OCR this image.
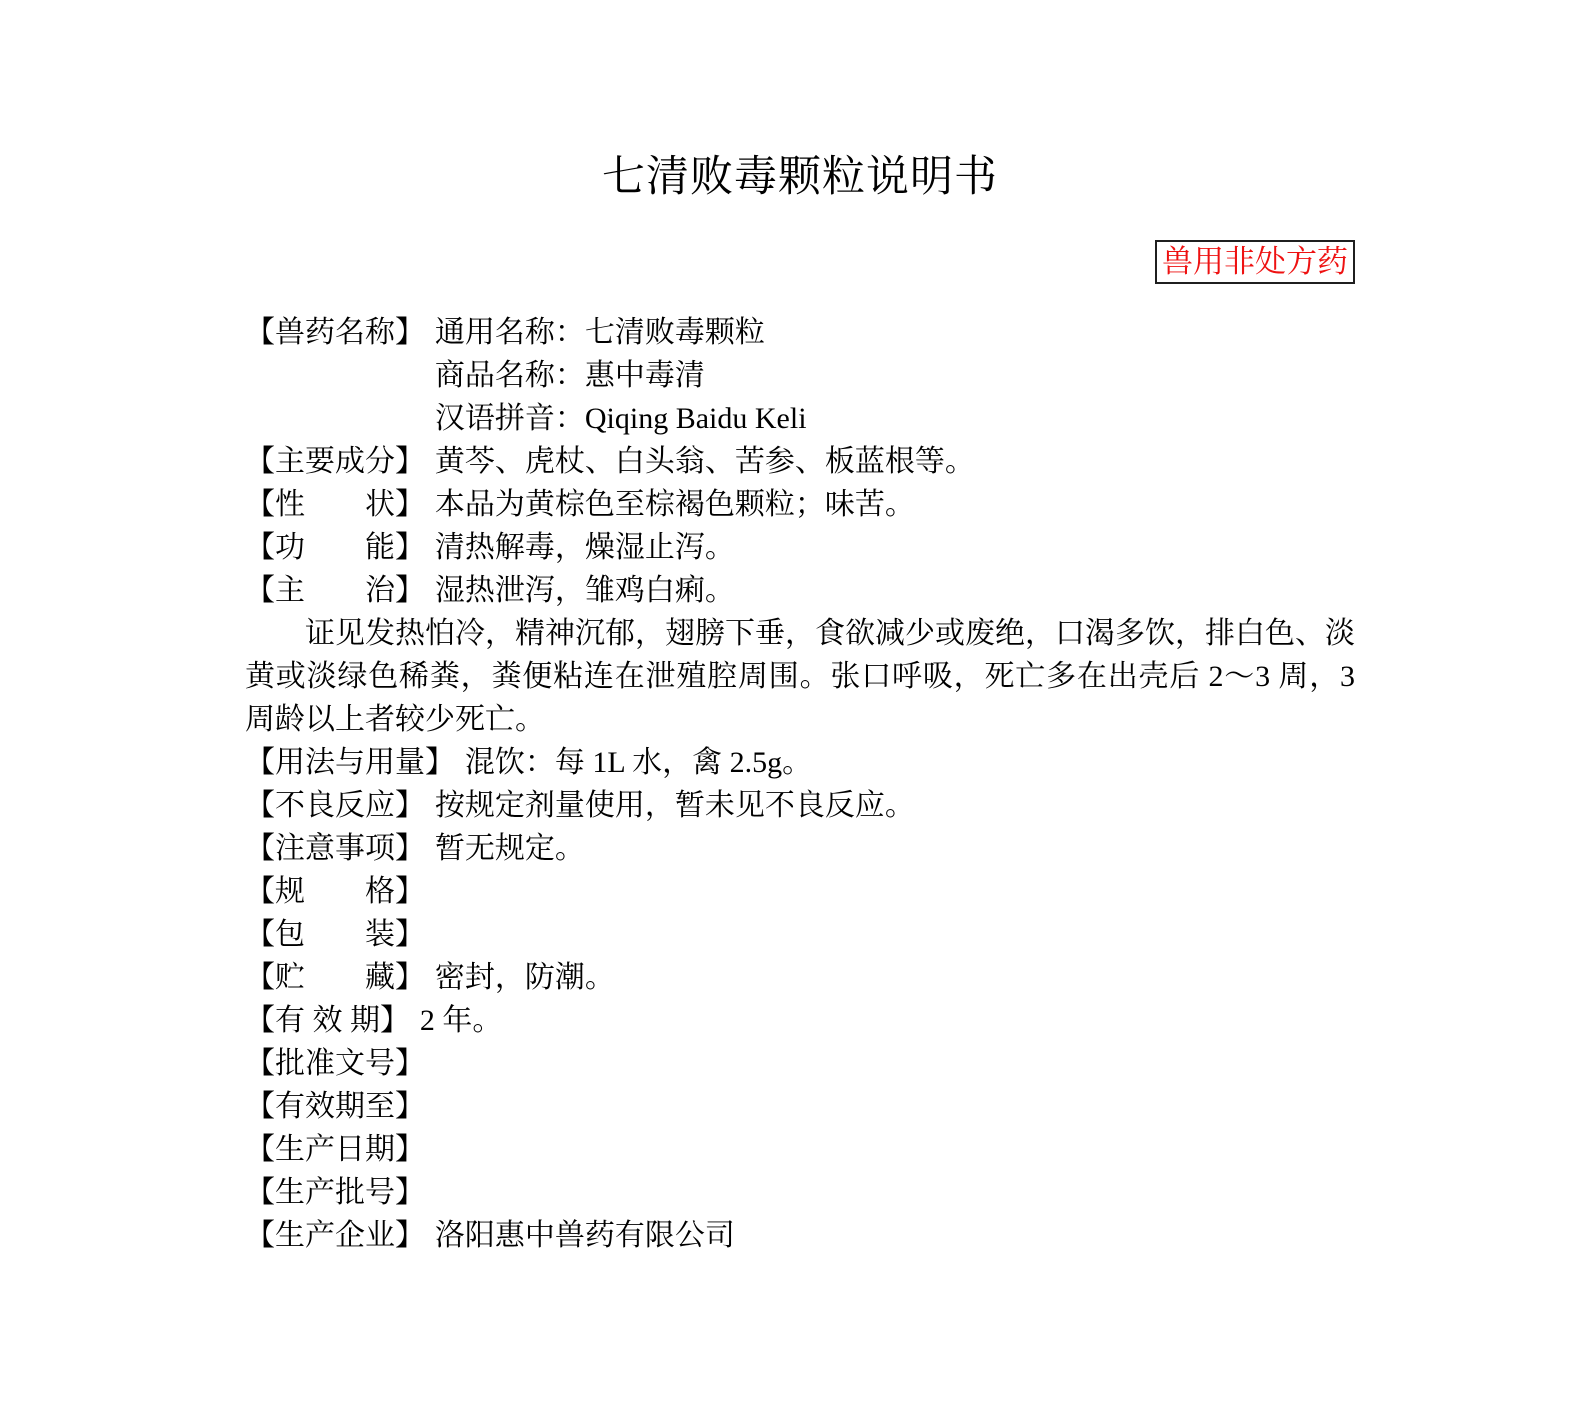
七清败毒颗粒说明书
兽用非处方药
【兽药名称】 通用名称：七清败毒颗粒
商品名称：惠中毒清
汉语拼音：Qiqing Baidu Keli
【主要成分】 黄芩、虎杖、白头翁、苦参、板蓝根等。
【性　　状】 本品为黄棕色至棕褐色颗粒；味苦。
【功　　能】 清热解毒，燥湿止泻。
【主　　治】 湿热泄泻，雏鸡白痢。
证见发热怕冷，精神沉郁，翅膀下垂，食欲减少或废绝，口渴多饮，排白色、淡黄或淡绿色稀粪，粪便粘连在泄殖腔周围。张口呼吸，死亡多在出壳后 2～3 周，3 周龄以上者较少死亡。
【用法与用量】 混饮：每 1L 水，禽 2.5g。
【不良反应】 按规定剂量使用，暂未见不良反应。
【注意事项】 暂无规定。
【规　　格】
【包　　装】
【贮　　藏】 密封，防潮。
【有 效 期】 2 年。
【批准文号】
【有效期至】
【生产日期】
【生产批号】
【生产企业】 洛阳惠中兽药有限公司
